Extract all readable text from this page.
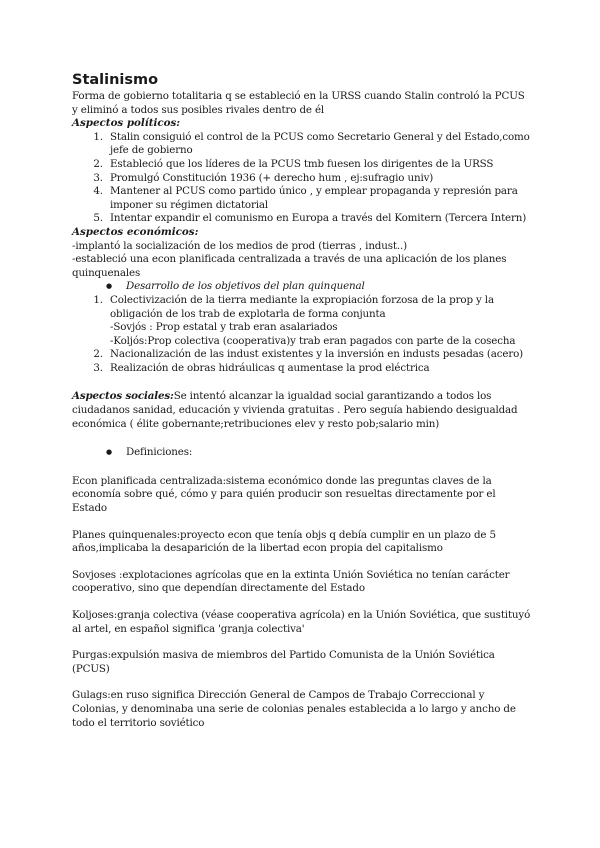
Stalinismo

Forma de gobierno totalitaria q se estableció en la URSS cuando Stalin controló la PCUS y eliminó a todos sus posibles rivales dentro de él

Aspectos políticos:
1. Stalin consiguió el control de la PCUS como Secretario General y del Estado,como jefe de gobierno
2. Estableció que los líderes de la PCUS tmb fuesen los dirigentes de la URSS
3. Promulgó Constitución 1936 (+ derecho hum , ej:sufragio univ)
4. Mantener al PCUS como partido único , y emplear propaganda y represión para imponer su régimen dictatorial
5. Intentar expandir el comunismo en Europa a través del Komitern (Tercera Intern)
Aspectos económicos:
-implantó la socialización de los medios de prod (tierras , indust..)
-estableció una econ planificada centralizada a través de una aplicación de los planes quinquenales
● Desarrollo de los objetivos del plan quinquenal
1. Colectivización de la tierra mediante la expropiación forzosa de la prop y la obligación de los trab de explotarla de forma conjunta
-Sovjós : Prop estatal y trab eran asalariados
-Koljós:Prop colectiva (cooperativa)y trab eran pagados con parte de la cosecha
2. Nacionalización de las indust existentes y la inversión en industs pesadas (acero)
3. Realización de obras hidráulicas q aumentase la prod eléctrica

Aspectos sociales:Se intentó alcanzar la igualdad social garantizando a todos los ciudadanos sanidad, educación y vivienda gratuitas . Pero seguía habiendo desigualdad económica ( élite gobernante;retribuciones elev y resto pob;salario min)

● Definiciones:

Econ planificada centralizada:sistema económico donde las preguntas claves de la economía sobre qué, cómo y para quién producir son resueltas directamente por el Estado

Planes quinquenales:proyecto econ que tenía objs q debía cumplir en un plazo de 5 años,implicaba la desaparición de la libertad econ propia del capitalismo

Sovjoses :explotaciones agrícolas que en la extinta Unión Soviética no tenían carácter cooperativo, sino que dependían directamente del Estado

Koljoses:granja colectiva (véase cooperativa agrícola) en la Unión Soviética, que sustituyó al artel, en español significa 'granja colectiva'

Purgas:expulsión masiva de miembros del Partido Comunista de la Unión Soviética (PCUS)

Gulags:en ruso significa Dirección General de Campos de Trabajo Correccional y Colonias, y denominaba una serie de colonias penales establecida a lo largo y ancho de todo el territorio soviético
